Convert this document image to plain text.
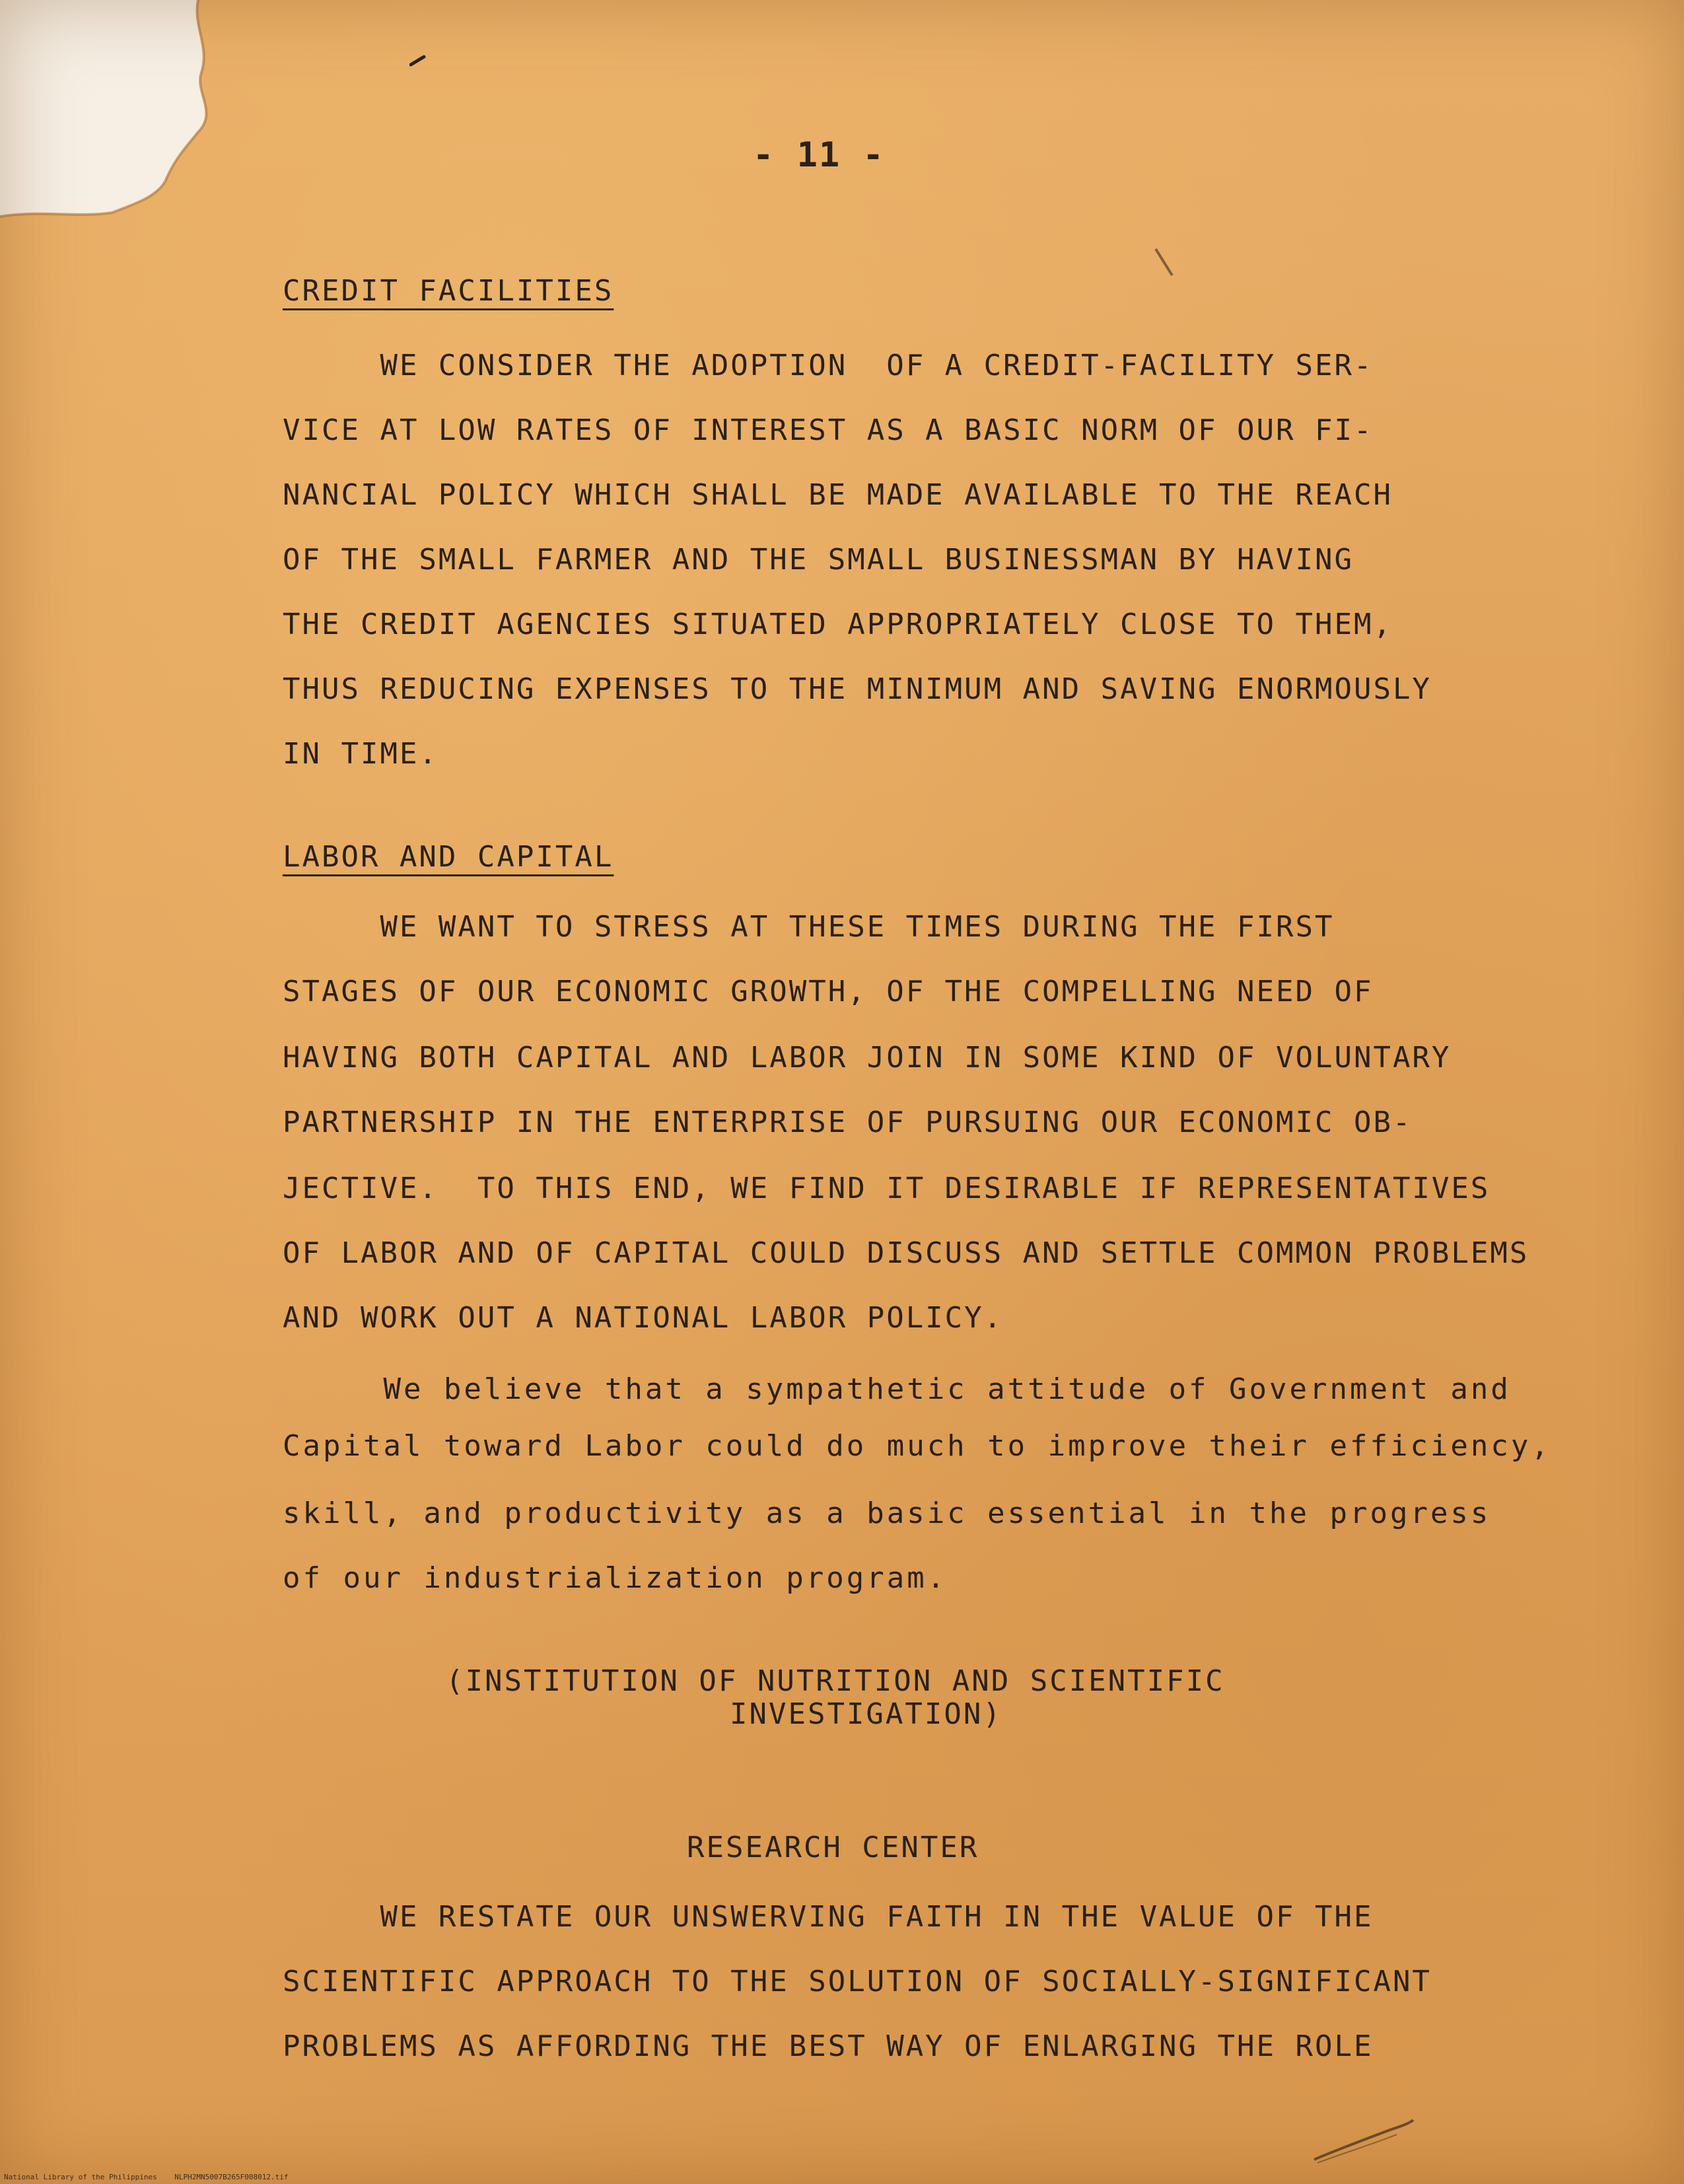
- 11 -
CREDIT FACILITIES

WE CONSIDER THE ADOPTION  OF A CREDIT-FACILITY SER-

VICE AT LOW RATES OF INTEREST AS A BASIC NORM OF OUR FI-

NANCIAL POLICY WHICH SHALL BE MADE AVAILABLE TO THE REACH

OF THE SMALL FARMER AND THE SMALL BUSINESSMAN BY HAVING

THE CREDIT AGENCIES SITUATED APPROPRIATELY CLOSE TO THEM,

THUS REDUCING EXPENSES TO THE MINIMUM AND SAVING ENORMOUSLY

IN TIME.

LABOR AND CAPITAL

WE WANT TO STRESS AT THESE TIMES DURING THE FIRST

STAGES OF OUR ECONOMIC GROWTH, OF THE COMPELLING NEED OF

HAVING BOTH CAPITAL AND LABOR JOIN IN SOME KIND OF VOLUNTARY

PARTNERSHIP IN THE ENTERPRISE OF PURSUING OUR ECONOMIC OB-

JECTIVE.  TO THIS END, WE FIND IT DESIRABLE IF REPRESENTATIVES

OF LABOR AND OF CAPITAL COULD DISCUSS AND SETTLE COMMON PROBLEMS

AND WORK OUT A NATIONAL LABOR POLICY.

We believe that a sympathetic attitude of Government and

Capital toward Labor could do much to improve their efficiency,

skill, and productivity as a basic essential in the progress

of our industrialization program.

(INSTITUTION OF NUTRITION AND SCIENTIFIC
INVESTIGATION)
RESEARCH CENTER

WE RESTATE OUR UNSWERVING FAITH IN THE VALUE OF THE

SCIENTIFIC APPROACH TO THE SOLUTION OF SOCIALLY-SIGNIFICANT

PROBLEMS AS AFFORDING THE BEST WAY OF ENLARGING THE ROLE

National Library of the Philippines    NLPH2MN5007B265F008012.tif
